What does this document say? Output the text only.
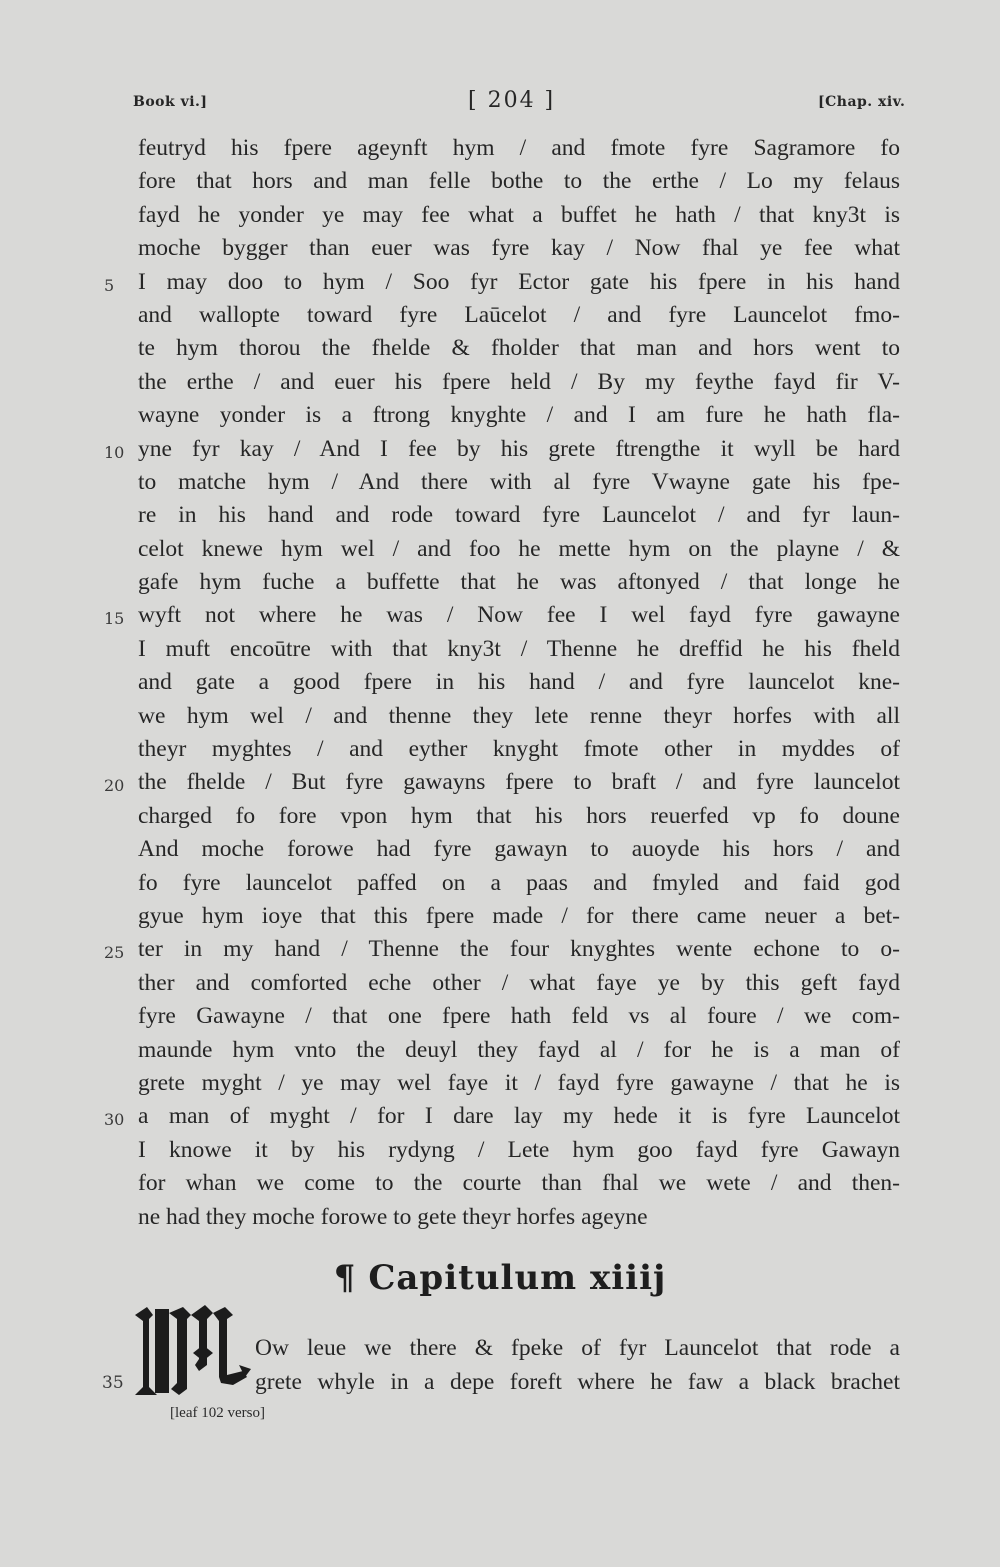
Book vi.]	[ 204 ]	[Chap. xiv.
feutryd his fpere ageynft hym / and fmote fyre Sagramore fo
fore that hors and man felle bothe to the erthe / Lo my felaus
fayd he yonder ye may fee what a buffet he hath / that kny3t is
moche bygger than euer was fyre kay / Now fhal ye fee what
5	I may doo to hym / Soo fyr Ector gate his fpere in his hand
and wallopte toward fyre Laūcelot / and fyre Launcelot fmo-
te hym thorou the fhelde & fholder that man and hors went to
the erthe / and euer his fpere held / By my feythe fayd fir V-
wayne yonder is a ftrong knyghte / and I am fure he hath fla-
10 yne fyr kay / And I fee by his grete ftrengthe it wyll be hard
to matche hym / And there with al fyre Vwayne gate his fpe-
re in his hand and rode toward fyre Launcelot / and fyr laun-
celot knewe hym wel / and foo he mette hym on the playne / &
gafe hym fuche a buffette that he was aftonyed / that longe he
15 wyft not where he was / Now fee I wel fayd fyre gawayne
I muft encoūtre with that kny3t / Thenne he dreffid he his fheld
and gate a good fpere in his hand / and fyre launcelot kne-
we hym wel / and thenne they lete renne theyr horfes with all
theyr myghtes / and eyther knyght fmote other in myddes of
20 the fhelde / But fyre gawayns fpere to braft / and fyre launcelot
charged fo fore vpon hym that his hors reuerfed vp fo doune
And moche forowe had fyre gawayn to auoyde his hors / and
fo fyre launcelot paffed on a paas and fmyled and faid god
gyue hym ioye that this fpere made / for there came neuer a bet-
25 ter in my hand / Thenne the four knyghtes wente echone to o-
ther and comforted eche other / what faye ye by this geft fayd
fyre Gawayne / that one fpere hath feld vs al foure / we com-
maunde hym vnto the deuyl they fayd al / for he is a man of
grete myght / ye may wel faye it / fayd fyre gawayne / that he is
30 a man of myght / for I dare lay my hede it is fyre Launcelot
I knowe it by his rydyng / Lete hym goo fayd fyre Gawayn
for whan we come to the courte than fhal we wete / and then-
ne had they moche forowe to gete theyr horfes ageyne
¶ Capitulum xiiij
Ow leue we there & fpeke of fyr Launcelot that rode a
grete whyle in a depe foreft where he faw a black brachet
35
[leaf 102 verso]
